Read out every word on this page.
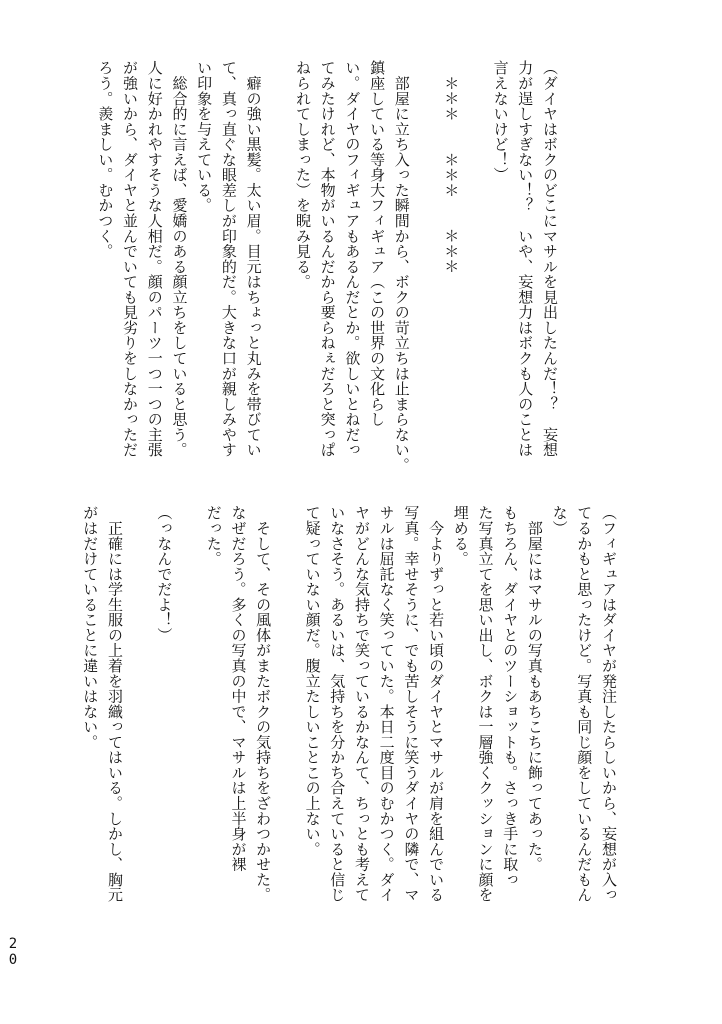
（ダイヤはボクのどこにマサルを見出したんだ！？　妄想
力が逞しすぎない！？　いや、妄想力はボクも人のことは
言えないけど！）

　＊＊＊　　＊＊＊　　＊＊＊

　部屋に立ち入った瞬間から、ボクの苛立ちは止まらない。
鎮座している等身大フィギュア（この世界の文化らし
い。ダイヤのフィギュアもあるんだとか。欲しいとねだっ
てみたけれど、本物がいるんだから要らねぇだろと突っぱ
ねられてしまった）を睨み見る。

　癖の強い黒髪。太い眉。目元はちょっと丸みを帯びてい
て、真っ直ぐな眼差しが印象的だ。大きな口が親しみやす
い印象を与えている。
　総合的に言えば、愛嬌のある顔立ちをしていると思う。
人に好かれやすそうな人相だ。顔のパーツ一つ一つの主張
が強いから、ダイヤと並んでいても見劣りをしなかっただ
ろう。羨ましい。むかつく。
（フィギュアはダイヤが発注したらしいから、妄想が入っ
てるかもと思ったけど。写真も同じ顔をしているんだもん
な）
　部屋にはマサルの写真もあちこちに飾ってあった。
もちろん、ダイヤとのツーショットも。さっき手に取っ
た写真立てを思い出し、ボクは一層強くクッションに顔を
埋める。
　今よりずっと若い頃のダイヤとマサルが肩を組んでいる
写真。幸せそうに、でも苦しそうに笑うダイヤの隣で、マ
サルは屈託なく笑っていた。本日二度目のむかつく。ダイ
ヤがどんな気持ちで笑っているかなんて、ちっとも考えて
いなさそう。あるいは、気持ちを分かち合えていると信じ
て疑っていない顔だ。腹立たしいことこの上ない。

　そして、その風体がまたボクの気持ちをざわつかせた。
なぜだろう。多くの写真の中で、マサルは上半身が裸
だった。

（っなんでだよ！）

　正確には学生服の上着を羽織ってはいる。しかし、胸元
がはだけていることに違いはない。
20
